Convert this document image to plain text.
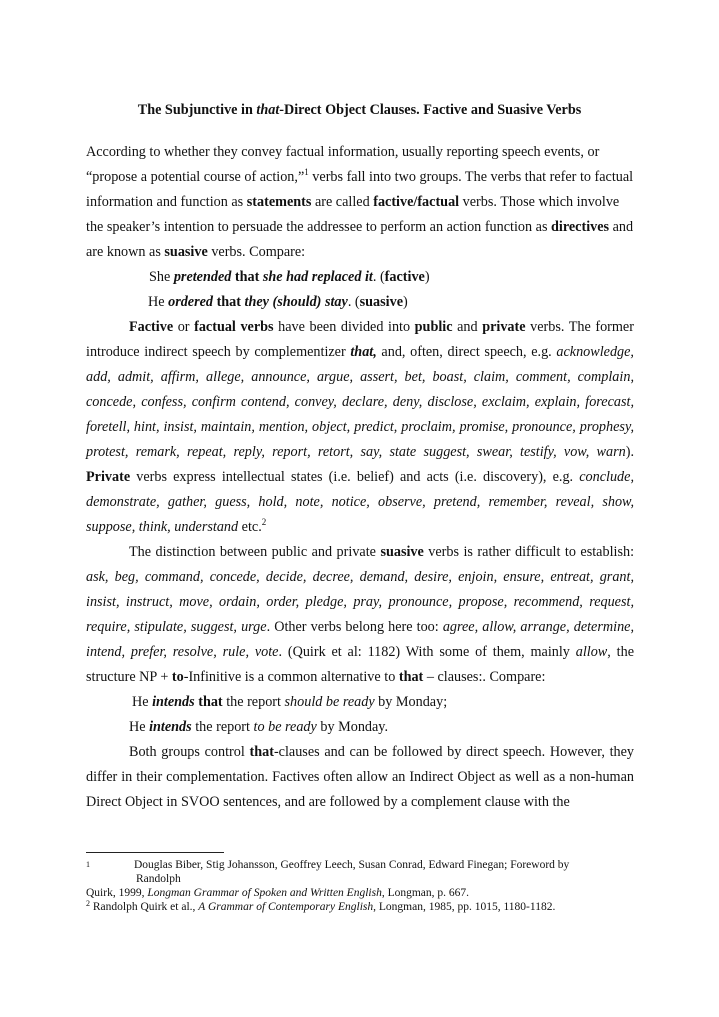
The Subjunctive in that-Direct Object Clauses. Factive and Suasive Verbs

According to whether they convey factual information, usually reporting speech events, or “propose a potential course of action,”$^1$ verbs fall into two groups. The verbs that refer to factual information and function as statements are called factive/factual verbs. Those which involve the speaker’s intention to persuade the addressee to perform an action function as directives and are known as suasive verbs. Compare:

She pretended that she had replaced it. (factive)

He ordered that they (should) stay. (suasive)

Factive or factual verbs have been divided into public and private verbs. The former introduce indirect speech by complementizer that, and, often, direct speech, e.g. acknowledge, add, admit, affirm, allege, announce, argue, assert, bet, boast, claim, comment, complain, concede, confess, confirm contend, convey, declare, deny, disclose, exclaim, explain, forecast, foretell, hint, insist, maintain, mention, object, predict, proclaim, promise, pronounce, prophesy, protest, remark, repeat, reply, report, retort, say, state suggest, swear, testify, vow, warn). Private verbs express intellectual states (i.e. belief) and acts (i.e. discovery), e.g. conclude, demonstrate, gather, guess, hold, note, notice, observe, pretend, remember, reveal, show, suppose, think, understand etc.$^2$

The distinction between public and private suasive verbs is rather difficult to establish: ask, beg, command, concede, decide, decree, demand, desire, enjoin, ensure, entreat, grant, insist, instruct, move, ordain, order, pledge, pray, pronounce, propose, recommend, request, require, stipulate, suggest, urge. Other verbs belong here too: agree, allow, arrange, determine, intend, prefer, resolve, rule, vote. (Quirk et al: 1182) With some of them, mainly allow, the structure NP + to-Infinitive is a common alternative to that – clauses:. Compare:

He intends that the report should be ready by Monday;

He intends the report to be ready by Monday.

Both groups control that-clauses and can be followed by direct speech. However, they differ in their complementation. Factives often allow an Indirect Object as well as a non-human Direct Object in SVOO sentences, and are followed by a complement clause with the

1	Douglas Biber, Stig Johansson, Geoffrey Leech, Susan Conrad, Edward Finegan; Foreword by
Randolph
Quirk, 1999, Longman Grammar of Spoken and Written English, Longman, p. 667.
$^2$ Randolph Quirk et al., A Grammar of Contemporary English, Longman, 1985, pp. 1015, 1180-1182.
